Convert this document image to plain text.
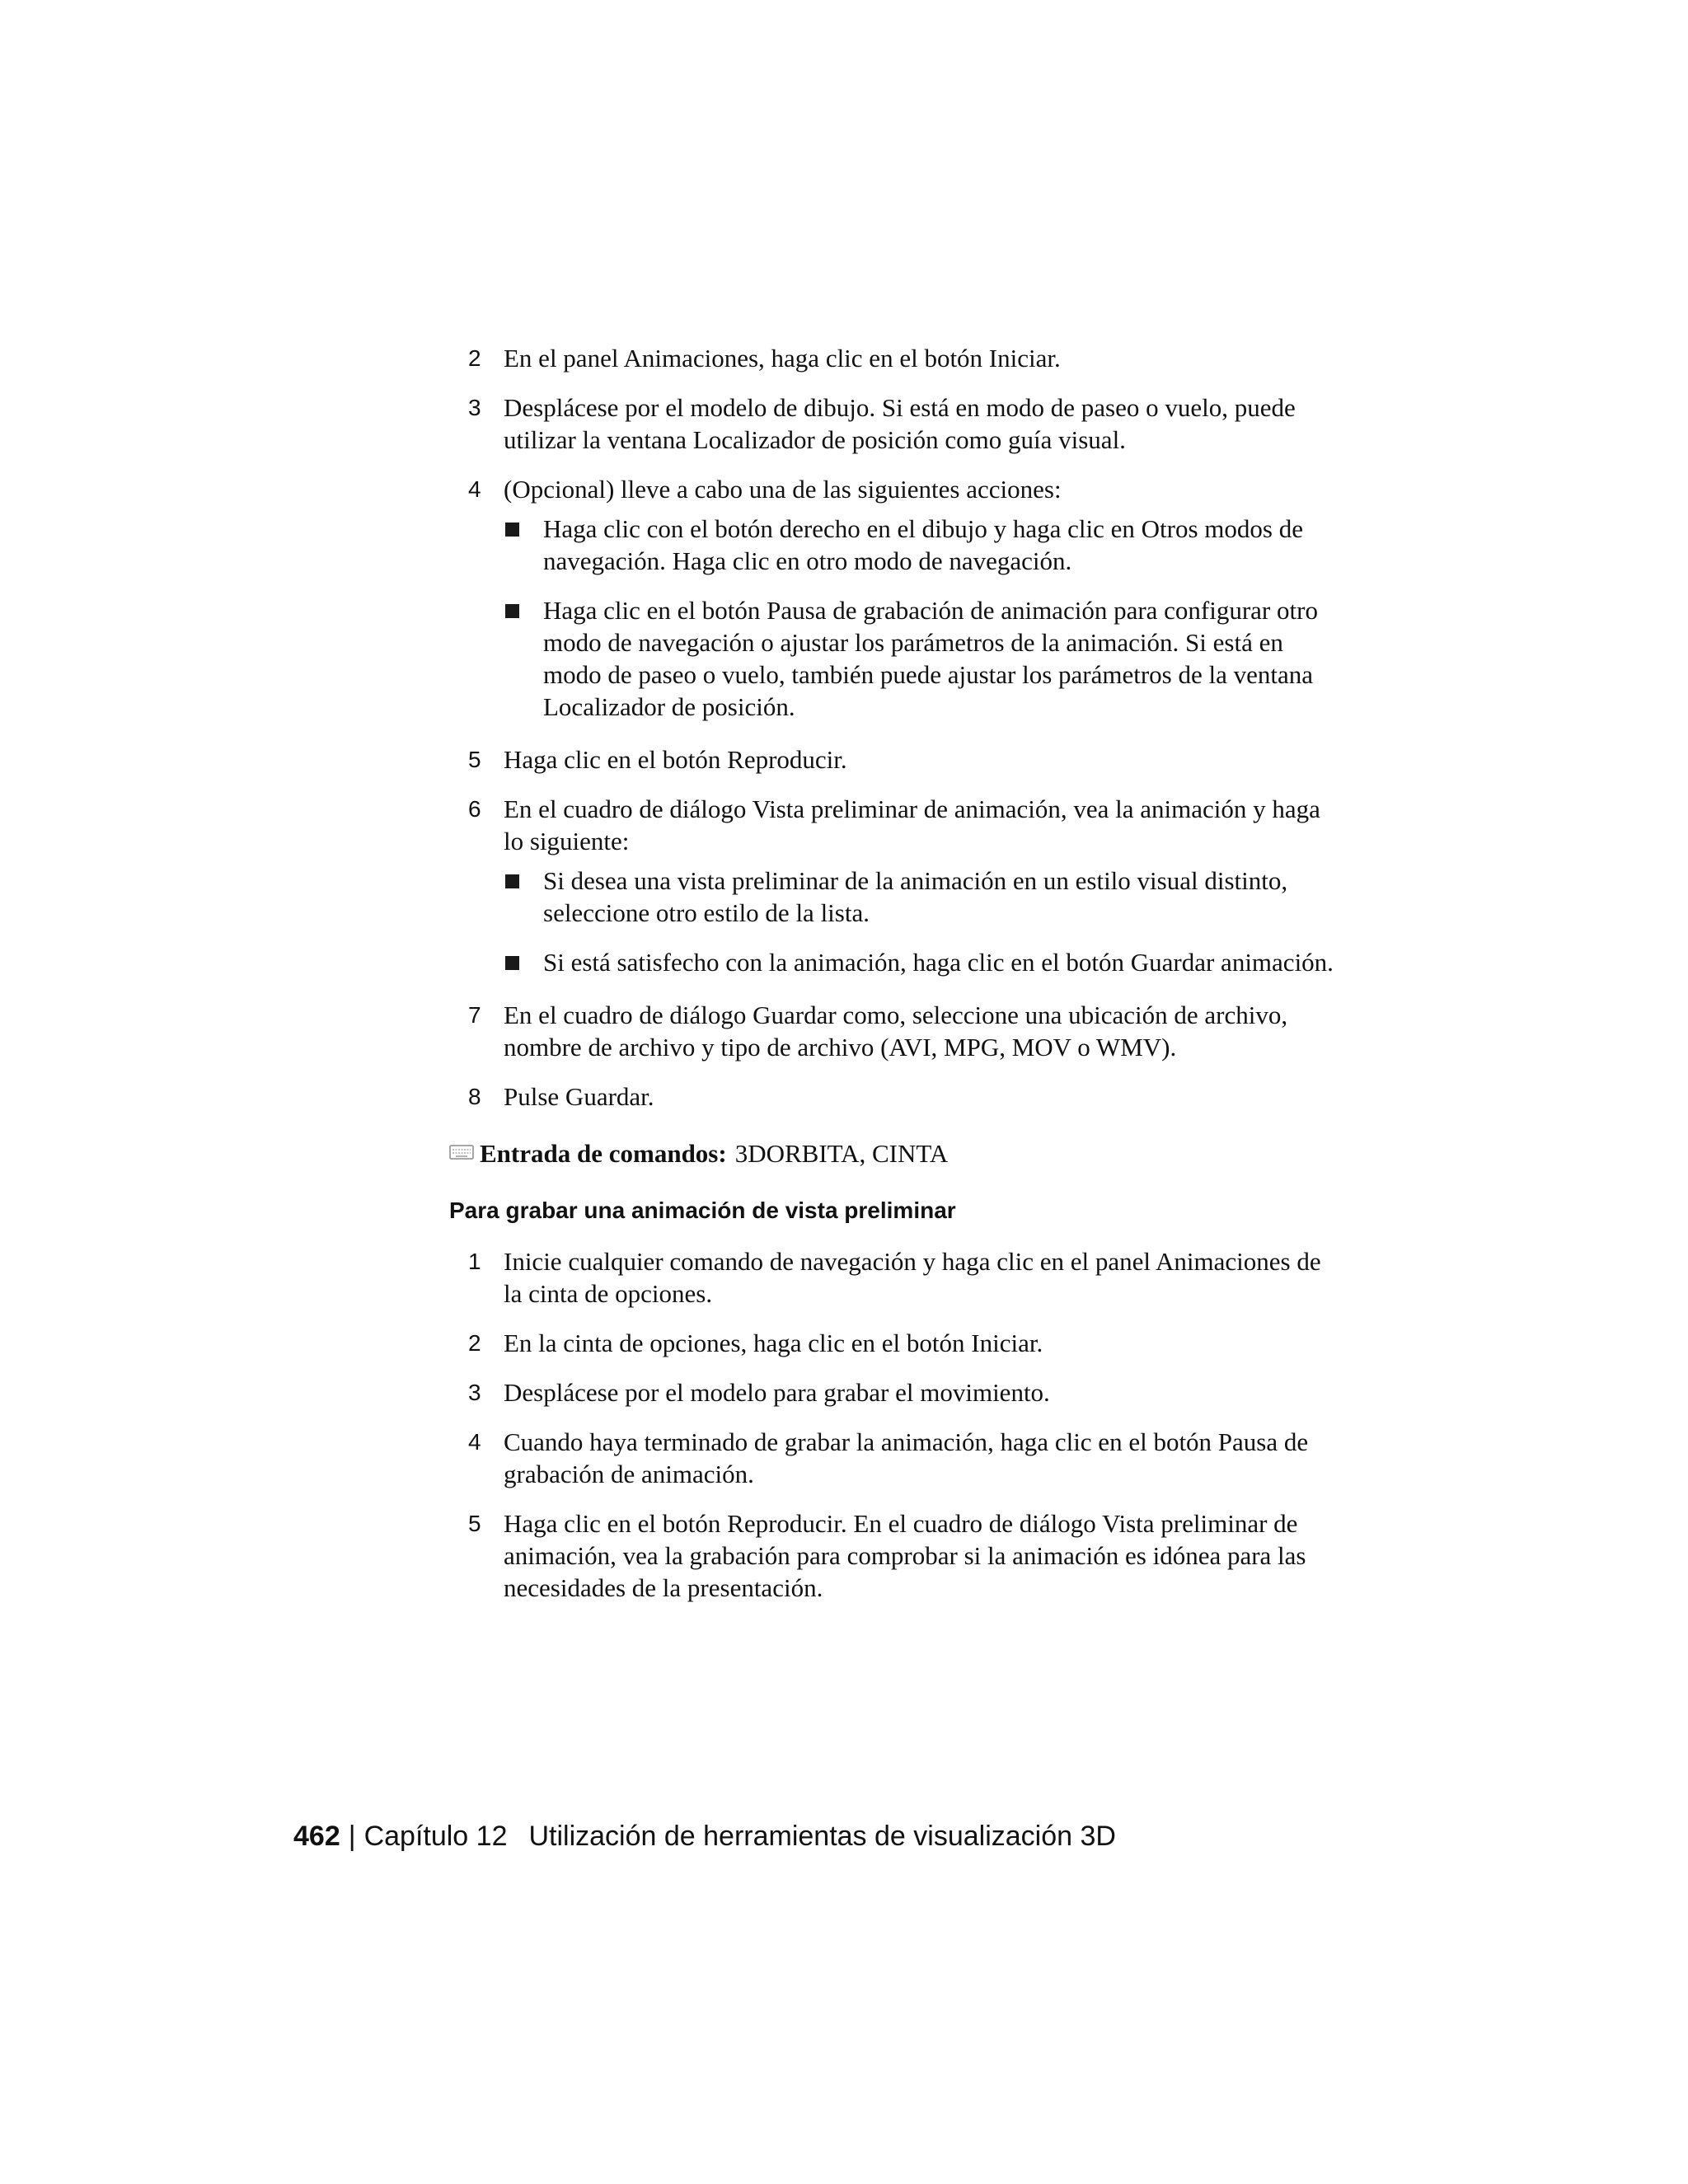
2 En el panel Animaciones, haga clic en el botón Iniciar.
3 Desplácese por el modelo de dibujo. Si está en modo de paseo o vuelo, puede utilizar la ventana Localizador de posición como guía visual.
4 (Opcional) lleve a cabo una de las siguientes acciones:
Haga clic con el botón derecho en el dibujo y haga clic en Otros modos de navegación. Haga clic en otro modo de navegación.
Haga clic en el botón Pausa de grabación de animación para configurar otro modo de navegación o ajustar los parámetros de la animación. Si está en modo de paseo o vuelo, también puede ajustar los parámetros de la ventana Localizador de posición.
5 Haga clic en el botón Reproducir.
6 En el cuadro de diálogo Vista preliminar de animación, vea la animación y haga lo siguiente:
Si desea una vista preliminar de la animación en un estilo visual distinto, seleccione otro estilo de la lista.
Si está satisfecho con la animación, haga clic en el botón Guardar animación.
7 En el cuadro de diálogo Guardar como, seleccione una ubicación de archivo, nombre de archivo y tipo de archivo (AVI, MPG, MOV o WMV).
8 Pulse Guardar.
Entrada de comandos: 3DORBITA, CINTA
Para grabar una animación de vista preliminar
1 Inicie cualquier comando de navegación y haga clic en el panel Animaciones de la cinta de opciones.
2 En la cinta de opciones, haga clic en el botón Iniciar.
3 Desplácese por el modelo para grabar el movimiento.
4 Cuando haya terminado de grabar la animación, haga clic en el botón Pausa de grabación de animación.
5 Haga clic en el botón Reproducir. En el cuadro de diálogo Vista preliminar de animación, vea la grabación para comprobar si la animación es idónea para las necesidades de la presentación.
462 | Capítulo 12 Utilización de herramientas de visualización 3D
